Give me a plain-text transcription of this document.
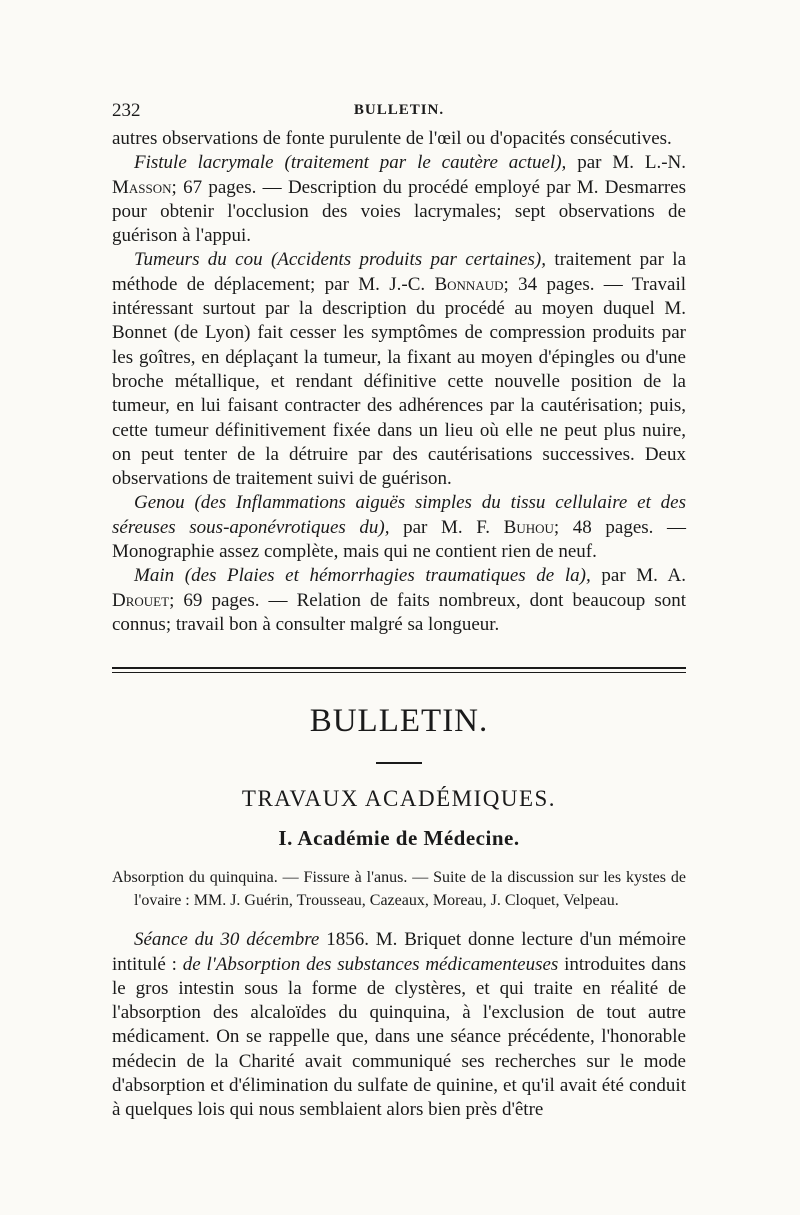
232	BULLETIN.

autres observations de fonte purulente de l'œil ou d'opacités consécutives.

Fistule lacrymale (traitement par le cautère actuel), par M. L.-N. Masson; 67 pages. — Description du procédé employé par M. Desmarres pour obtenir l'occlusion des voies lacrymales; sept observations de guérison à l'appui.

Tumeurs du cou (Accidents produits par certaines), traitement par la méthode de déplacement; par M. J.-C. Bonnaud; 34 pages. — Travail intéressant surtout par la description du procédé au moyen duquel M. Bonnet (de Lyon) fait cesser les symptômes de compression produits par les goîtres, en déplaçant la tumeur, la fixant au moyen d'épingles ou d'une broche métallique, et rendant définitive cette nouvelle position de la tumeur, en lui faisant contracter des adhérences par la cautérisation; puis, cette tumeur définitivement fixée dans un lieu où elle ne peut plus nuire, on peut tenter de la détruire par des cautérisations successives. Deux observations de traitement suivi de guérison.

Genou (des Inflammations aiguës simples du tissu cellulaire et des séreuses sous-aponévrotiques du), par M. F. Buhou; 48 pages. — Monographie assez complète, mais qui ne contient rien de neuf.

Main (des Plaies et hémorrhagies traumatiques de la), par M. A. Drouet; 69 pages. — Relation de faits nombreux, dont beaucoup sont connus; travail bon à consulter malgré sa longueur.

BULLETIN.
TRAVAUX ACADÉMIQUES.
I. Académie de Médecine.

Absorption du quinquina. — Fissure à l'anus. — Suite de la discussion sur les kystes de l'ovaire : MM. J. Guérin, Trousseau, Cazeaux, Moreau, J. Cloquet, Velpeau.

Séance du 30 décembre 1856. M. Briquet donne lecture d'un mémoire intitulé : de l'Absorption des substances médicamenteuses introduites dans le gros intestin sous la forme de clystères, et qui traite en réalité de l'absorption des alcaloïdes du quinquina, à l'exclusion de tout autre médicament. On se rappelle que, dans une séance précédente, l'honorable médecin de la Charité avait communiqué ses recherches sur le mode d'absorption et d'élimination du sulfate de quinine, et qu'il avait été conduit à quelques lois qui nous semblaient alors bien près d'être
